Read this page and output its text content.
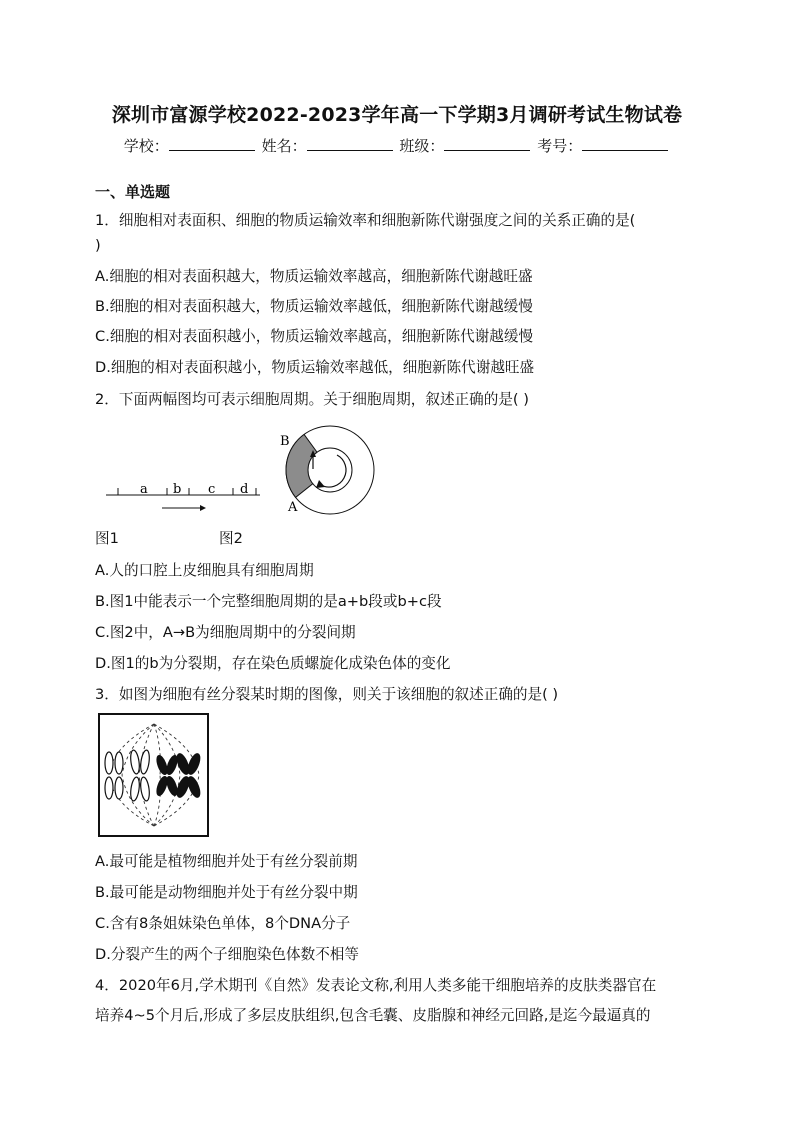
深圳市富源学校2022-2023学年高一下学期3月调研考试生物试卷
学校：	姓名：	班级：	考号：
一、单选题
1．细胞相对表面积、细胞的物质运输效率和细胞新陈代谢强度之间的关系正确的是(
)
A.细胞的相对表面积越大，物质运输效率越高，细胞新陈代谢越旺盛
B.细胞的相对表面积越大，物质运输效率越低，细胞新陈代谢越缓慢
C.细胞的相对表面积越小，物质运输效率越高，细胞新陈代谢越缓慢
D.细胞的相对表面积越小，物质运输效率越低，细胞新陈代谢越旺盛
2．下面两幅图均可表示细胞周期。关于细胞周期，叙述正确的是( )
a b c d
B
A
图1	图2
A.人的口腔上皮细胞具有细胞周期
B.图1中能表示一个完整细胞周期的是a+b段或b+c段
C.图2中，A→B为细胞周期中的分裂间期
D.图1的b为分裂期，存在染色质螺旋化成染色体的变化
3．如图为细胞有丝分裂某时期的图像，则关于该细胞的叙述正确的是( )
A.最可能是植物细胞并处于有丝分裂前期
B.最可能是动物细胞并处于有丝分裂中期
C.含有8条姐妹染色单体，8个DNA分子
D.分裂产生的两个子细胞染色体数不相等
4．2020年6月,学术期刊《自然》发表论文称,利用人类多能干细胞培养的皮肤类器官在
培养4~5个月后,形成了多层皮肤组织,包含毛囊、皮脂腺和神经元回路,是迄今最逼真的
